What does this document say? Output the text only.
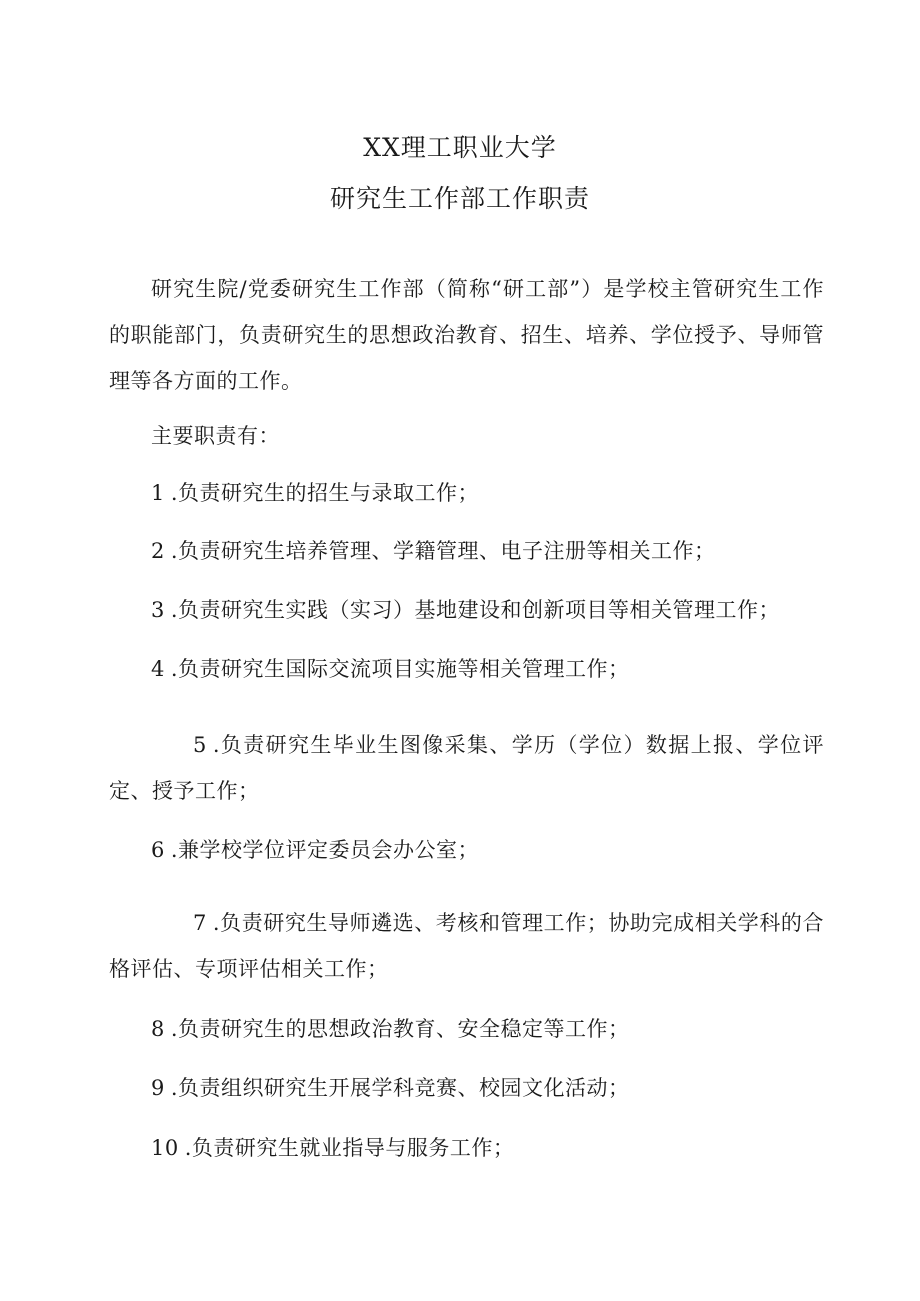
XX理工职业大学
研究生工作部工作职责
研究生院/党委研究生工作部（简称“研工部”）是学校主管研究生工作的职能部门，负责研究生的思想政治教育、招生、培养、学位授予、导师管理等各方面的工作。
主要职责有：
1 .负责研究生的招生与录取工作；
2 .负责研究生培养管理、学籍管理、电子注册等相关工作；
3 .负责研究生实践（实习）基地建设和创新项目等相关管理工作；
4 .负责研究生国际交流项目实施等相关管理工作；
5 .负责研究生毕业生图像采集、学历（学位）数据上报、学位评定、授予工作；
6 .兼学校学位评定委员会办公室；
7 .负责研究生导师遴选、考核和管理工作；协助完成相关学科的合格评估、专项评估相关工作；
8 .负责研究生的思想政治教育、安全稳定等工作；
9 .负责组织研究生开展学科竞赛、校园文化活动；
10 .负责研究生就业指导与服务工作；
